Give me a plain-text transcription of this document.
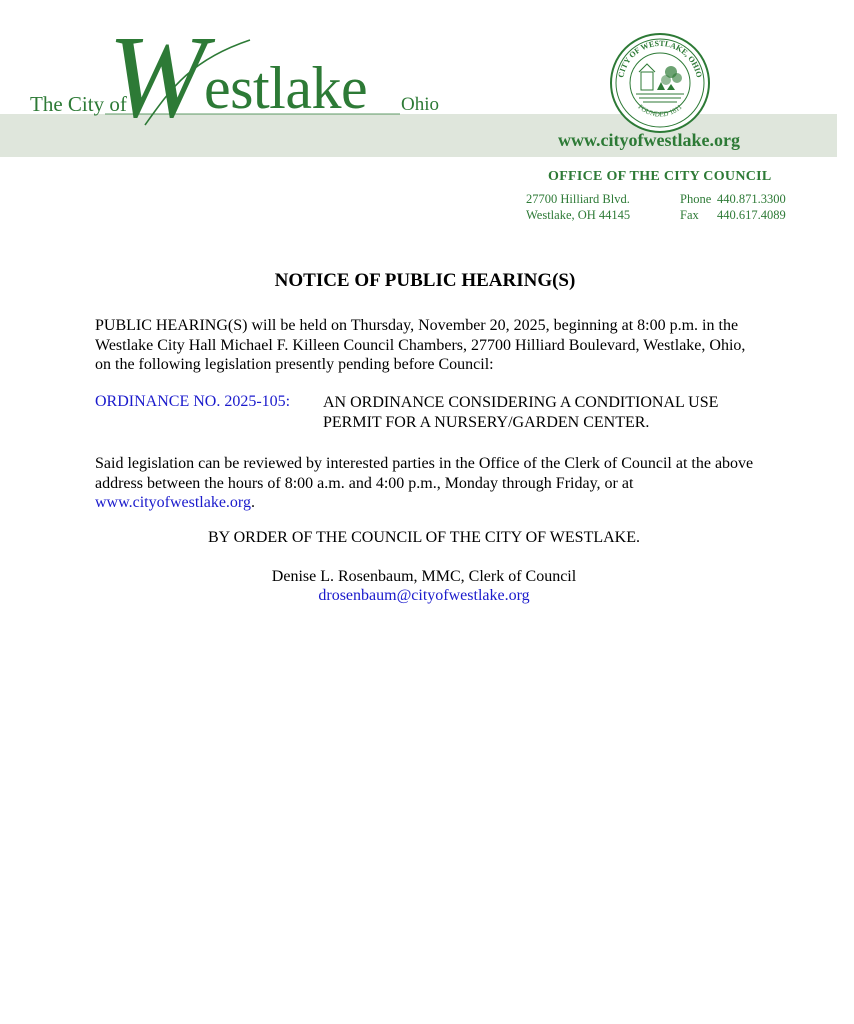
The City of
W estlake Ohio
CITY OF WESTLAKE, OHIO
FOUNDED 1811
www.cityofwestlake.org
OFFICE OF THE CITY COUNCIL
27700 Hilliard Blvd.
Westlake, OH 44145
Phone 440.871.3300
Fax 440.617.4089
NOTICE OF PUBLIC HEARING(S)
PUBLIC HEARING(S) will be held on Thursday, November 20, 2025, beginning at 8:00 p.m. in the Westlake City Hall Michael F. Killeen Council Chambers, 27700 Hilliard Boulevard, Westlake, Ohio, on the following legislation presently pending before Council:
ORDINANCE NO. 2025-105: AN ORDINANCE CONSIDERING A CONDITIONAL USE PERMIT FOR A NURSERY/GARDEN CENTER.
Said legislation can be reviewed by interested parties in the Office of the Clerk of Council at the above address between the hours of 8:00 a.m. and 4:00 p.m., Monday through Friday, or at www.cityofwestlake.org.
BY ORDER OF THE COUNCIL OF THE CITY OF WESTLAKE.
Denise L. Rosenbaum, MMC, Clerk of Council
drosenbaum@cityofwestlake.org
